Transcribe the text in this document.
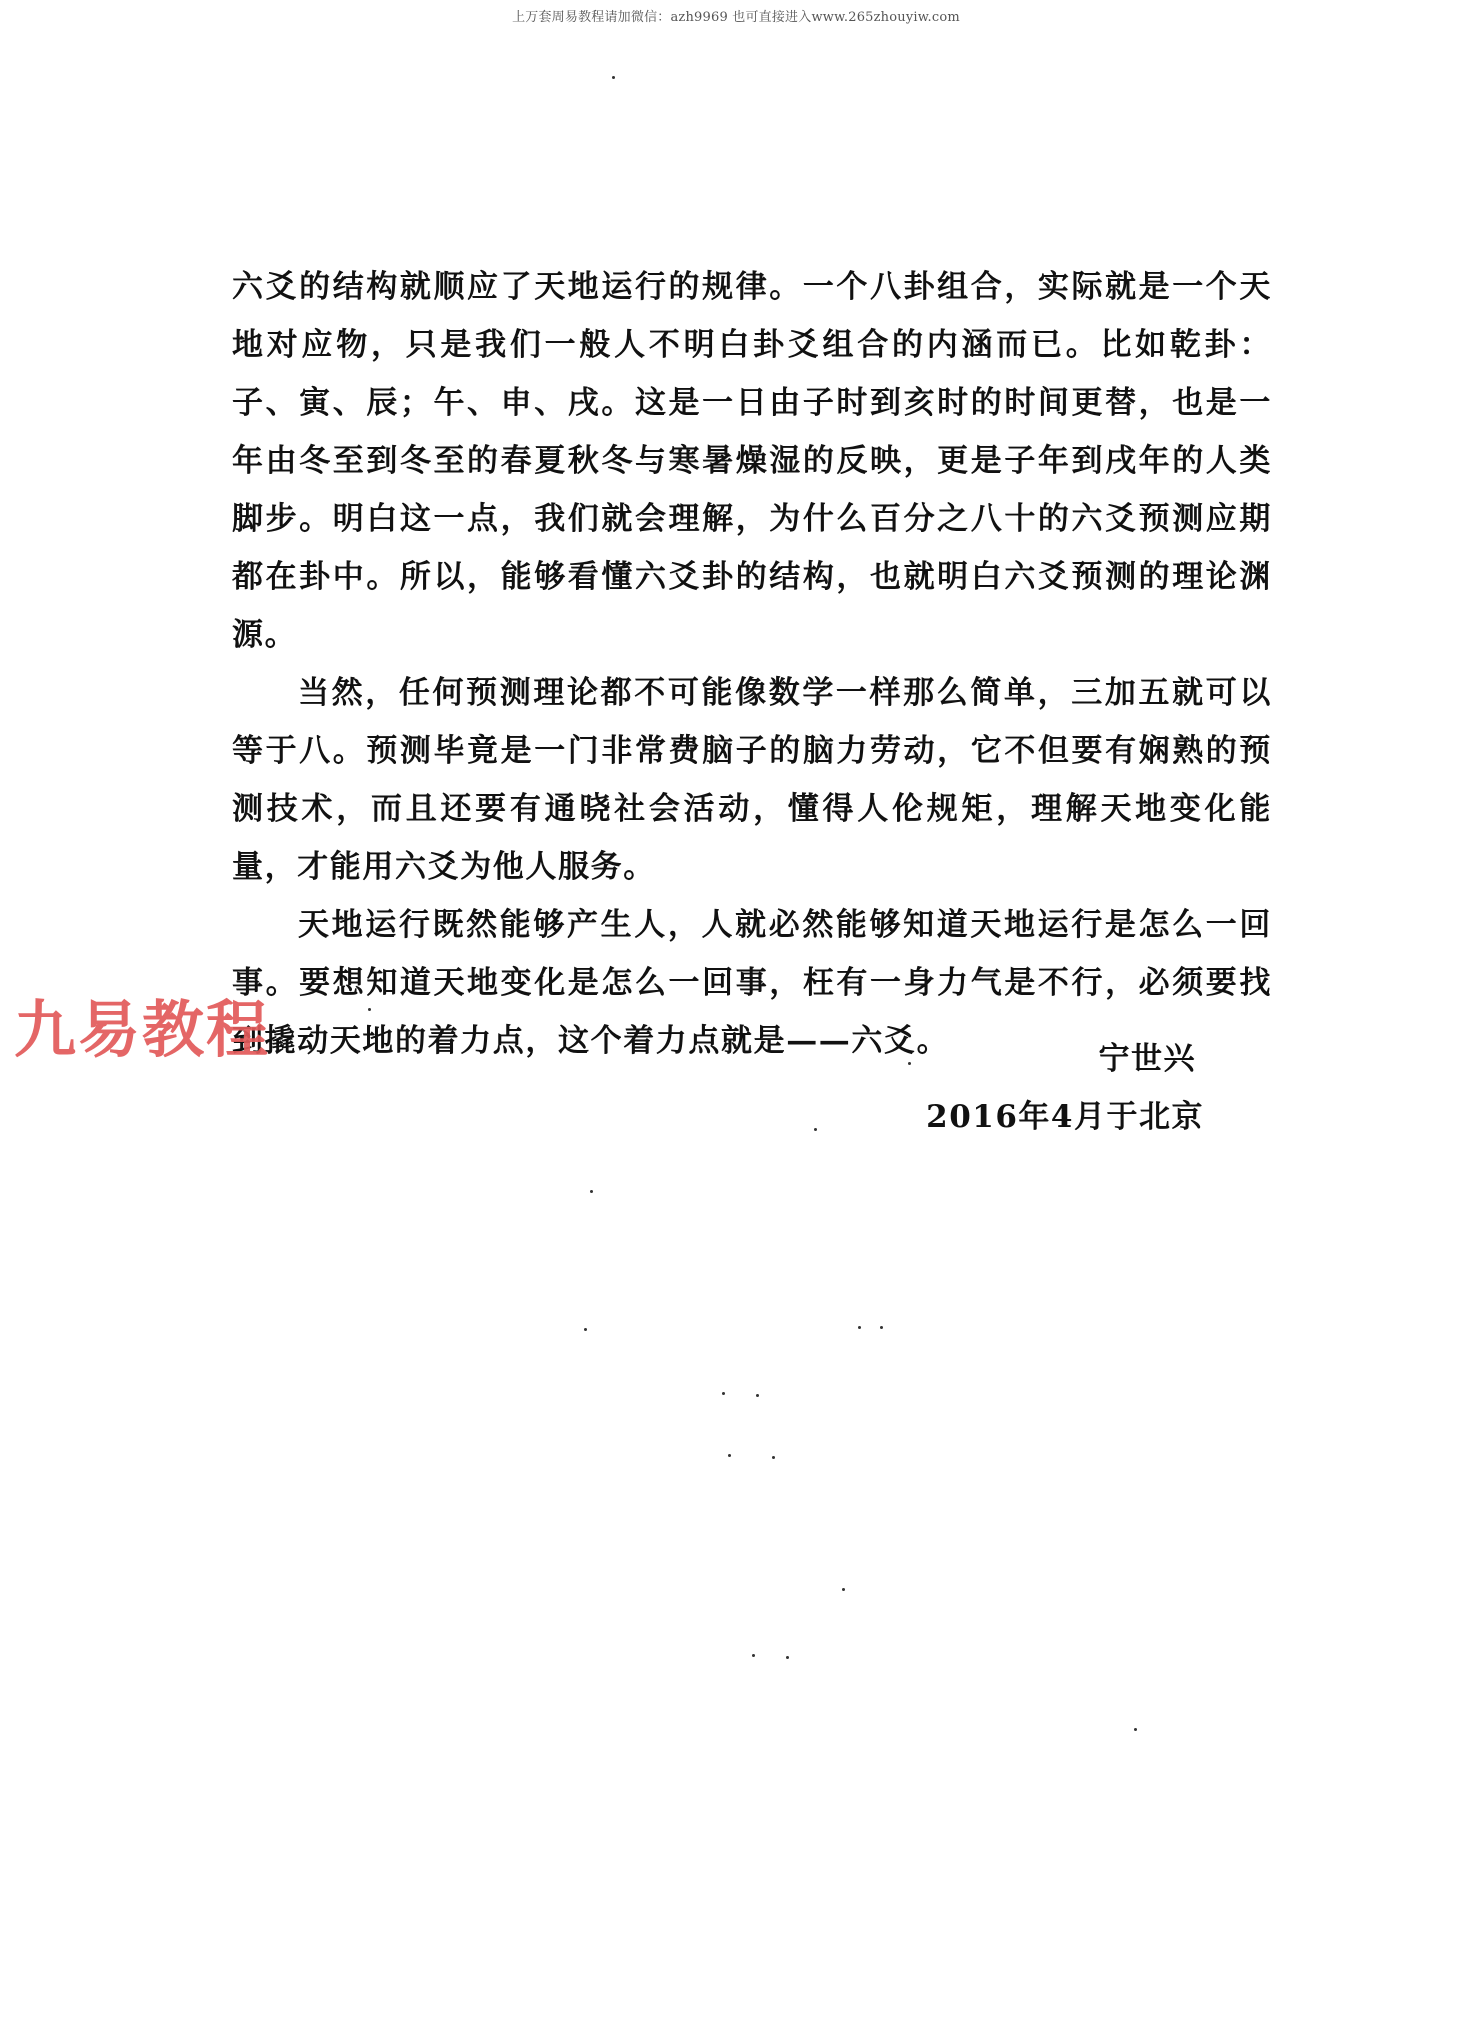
上万套周易教程请加微信：azh9969 也可直接进入www.265zhouyiw.com

六爻的结构就顺应了天地运行的规律。一个八卦组合，实际就是一个天地对应物，只是我们一般人不明白卦爻组合的内涵而已。比如乾卦：子、寅、辰；午、申、戌。这是一日由子时到亥时的时间更替，也是一年由冬至到冬至的春夏秋冬与寒暑燥湿的反映，更是子年到戌年的人类脚步。明白这一点，我们就会理解，为什么百分之八十的六爻预测应期都在卦中。所以，能够看懂六爻卦的结构，也就明白六爻预测的理论渊源。

当然，任何预测理论都不可能像数学一样那么简单，三加五就可以等于八。预测毕竟是一门非常费脑子的脑力劳动，它不但要有娴熟的预测技术，而且还要有通晓社会活动，懂得人伦规矩，理解天地变化能量，才能用六爻为他人服务。

天地运行既然能够产生人，人就必然能够知道天地运行是怎么一回事。要想知道天地变化是怎么一回事，枉有一身力气是不行，必须要找到撬动天地的着力点，这个着力点就是——六爻。

九易教程	宁世兴
2016年4月于北京
